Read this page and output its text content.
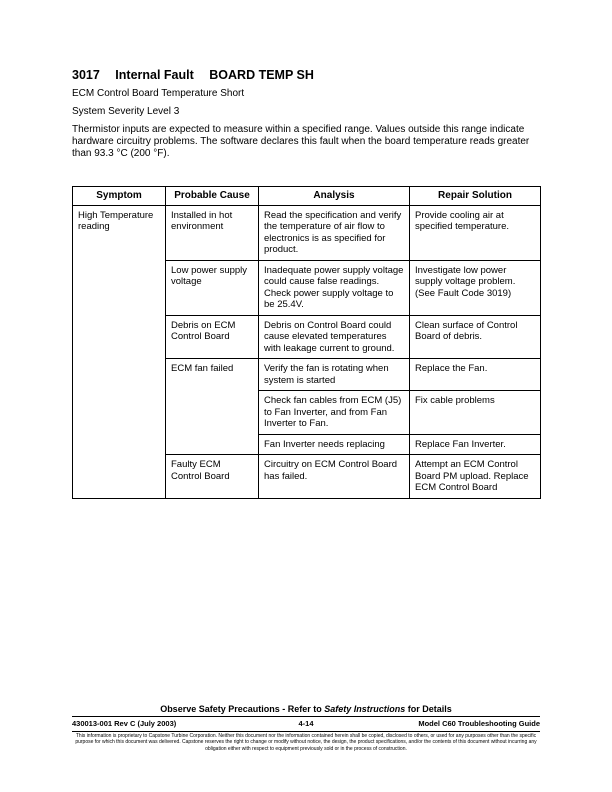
3017 Internal Fault BOARD TEMP SH
ECM Control Board Temperature Short
System Severity Level 3
Thermistor inputs are expected to measure within a specified range. Values outside this range indicate hardware circuitry problems. The software declares this fault when the board temperature reads greater than 93.3 °C (200 °F).
Symptom	Probable Cause	Analysis	Repair Solution
High Temperature reading	Installed in hot environment	Read the specification and verify the temperature of air flow to electronics is as specified for product.	Provide cooling air at specified temperature.
	Low power supply voltage	Inadequate power supply voltage could cause false readings. Check power supply voltage to be 25.4V.	Investigate low power supply voltage problem. (See Fault Code 3019)
	Debris on ECM Control Board	Debris on Control Board could cause elevated temperatures with leakage current to ground.	Clean surface of Control Board of debris.
	ECM fan failed	Verify the fan is rotating when system is started	Replace the Fan.
		Check fan cables from ECM (J5) to Fan Inverter, and from Fan Inverter to Fan.	Fix cable problems
		Fan Inverter needs replacing	Replace Fan Inverter.
	Faulty ECM Control Board	Circuitry on ECM Control Board has failed.	Attempt an ECM Control Board PM upload. Replace ECM Control Board
Observe Safety Precautions - Refer to Safety Instructions for Details
430013-001 Rev C (July 2003)	4-14	Model C60 Troubleshooting Guide
This information is proprietary to Capstone Turbine Corporation. Neither this document nor the information contained herein shall be copied, disclosed to others, or used for any purposes other than the specific purpose for which this document was delivered. Capstone reserves the right to change or modify without notice, the design, the product specifications, and/or the contents of this document without incurring any obligation either with respect to equipment previously sold or in the process of construction.
